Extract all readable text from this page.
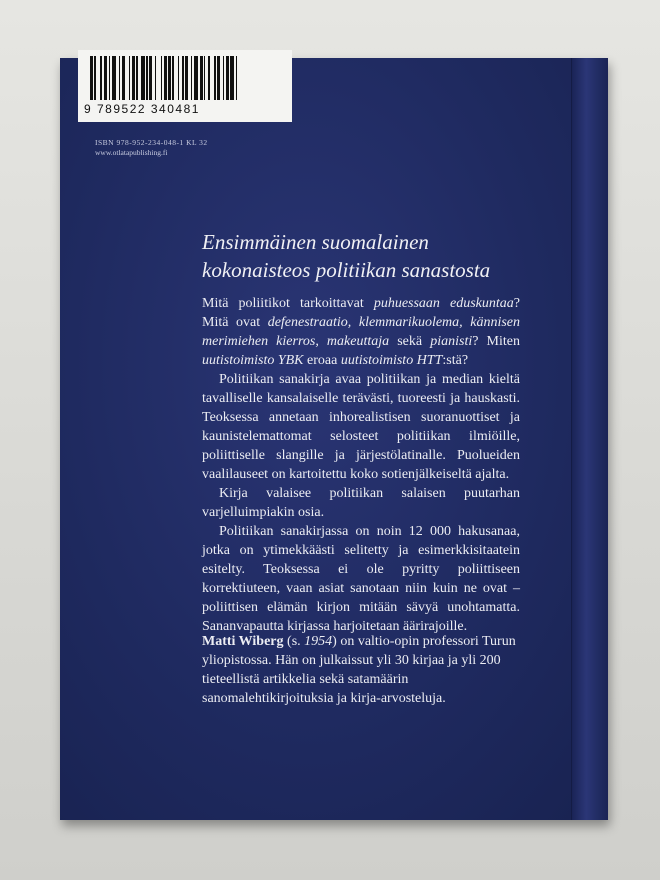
9 789522 340481
ISBN 978-952-234-048-1 KL 32
www.otlatapublishing.fi
Ensimmäinen suomalainen
kokonaisteos politiikan sanastosta

Mitä poliitikot tarkoittavat puhuessaan eduskuntaa? Mitä ovat defenestraatio, klemmarikuolema, kännisen merimiehen kierros, makeuttaja sekä pianisti? Miten uutistoimisto YBK eroaa uutistoimisto HTT:stä?

Politiikan sanakirja avaa politiikan ja median kieltä tavalliselle kansalaiselle terävästi, tuoreesti ja hauskasti. Teoksessa annetaan inhorealistisen suoranuottiset ja kaunistelemattomat selosteet politiikan ilmiöille, poliittiselle slangille ja järjestölatinalle. Puolueiden vaalilauseet on kartoitettu koko sotienjälkeiseltä ajalta.

Kirja valaisee politiikan salaisen puutarhan varjelluimpiakin osia.

Politiikan sanakirjassa on noin 12 000 hakusanaa, jotka on ytimekkäästi selitetty ja esimerkkisitaatein esitelty. Teoksessa ei ole pyritty poliittiseen korrektiuteen, vaan asiat sanotaan niin kuin ne ovat – poliittisen elämän kirjon mitään sävyä unohtamatta. Sananvapautta kirjassa harjoitetaan äärirajoille.

Matti Wiberg (s. 1954) on valtio-opin professori Turun yliopistossa. Hän on julkaissut yli 30 kirjaa ja yli 200 tieteellistä artikkelia sekä satamäärin sanomalehtikirjoituksia ja kirja-arvosteluja.
